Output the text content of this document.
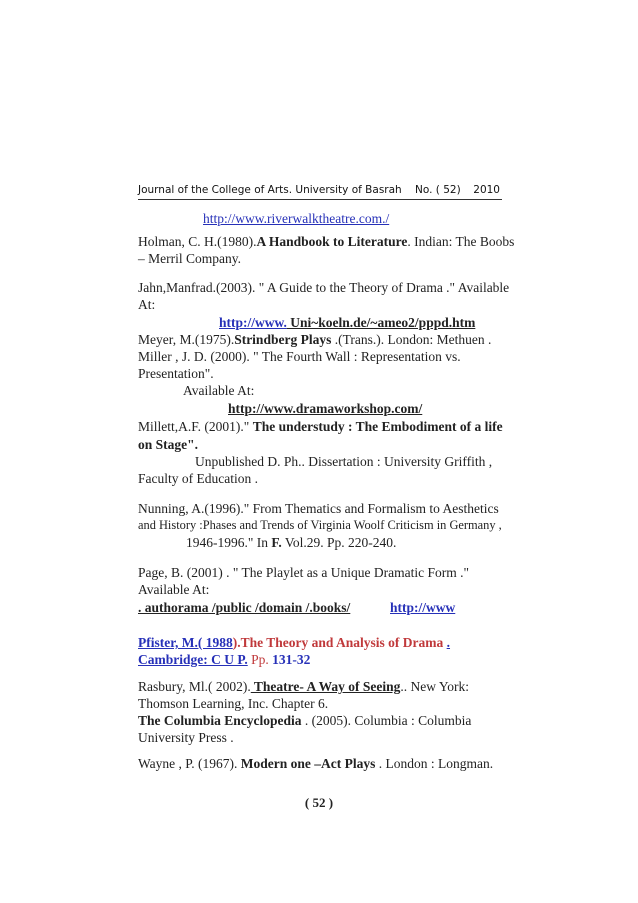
Journal of the College of Arts. University of Basrah No. ( 52) 2010

http://www.riverwalktheatre.com./
Holman, C. H.(1980).A Handbook to Literature. Indian: The Boobs
– Merril Company.
Jahn,Manfrad.(2003). " A Guide to the Theory of Drama ." Available
At:
http://www. Uni~koeln.de/~ameo2/pppd.htm
Meyer, M.(1975).Strindberg Plays .(Trans.). London: Methuen .
Miller , J. D. (2000). " The Fourth Wall : Representation vs.
Presentation".
Available At:
http://www.dramaworkshop.com/
Millett,A.F. (2001)." The understudy : The Embodiment of a life
on Stage".
Unpublished D. Ph.. Dissertation : University Griffith ,
Faculty of Education .
Nunning, A.(1996)." From Thematics and Formalism to Aesthetics
and History :Phases and Trends of Virginia Woolf Criticism in Germany ,
1946-1996." In F. Vol.29. Pp. 220-240.
Page, B. (2001) . " The Playlet as a Unique Dramatic Form ."
Available At:
. authorama /public /domain /.books/	http://www
Pfister, M.( 1988).The Theory and Analysis of Drama .
Cambridge: C U P. Pp. 131-32
Rasbury, Ml.( 2002). Theatre- A Way of Seeing.. New York:
Thomson Learning, Inc. Chapter 6.
The Columbia Encyclopedia . (2005). Columbia : Columbia
University Press .
Wayne , P. (1967). Modern one –Act Plays . London : Longman.
( 52 )
